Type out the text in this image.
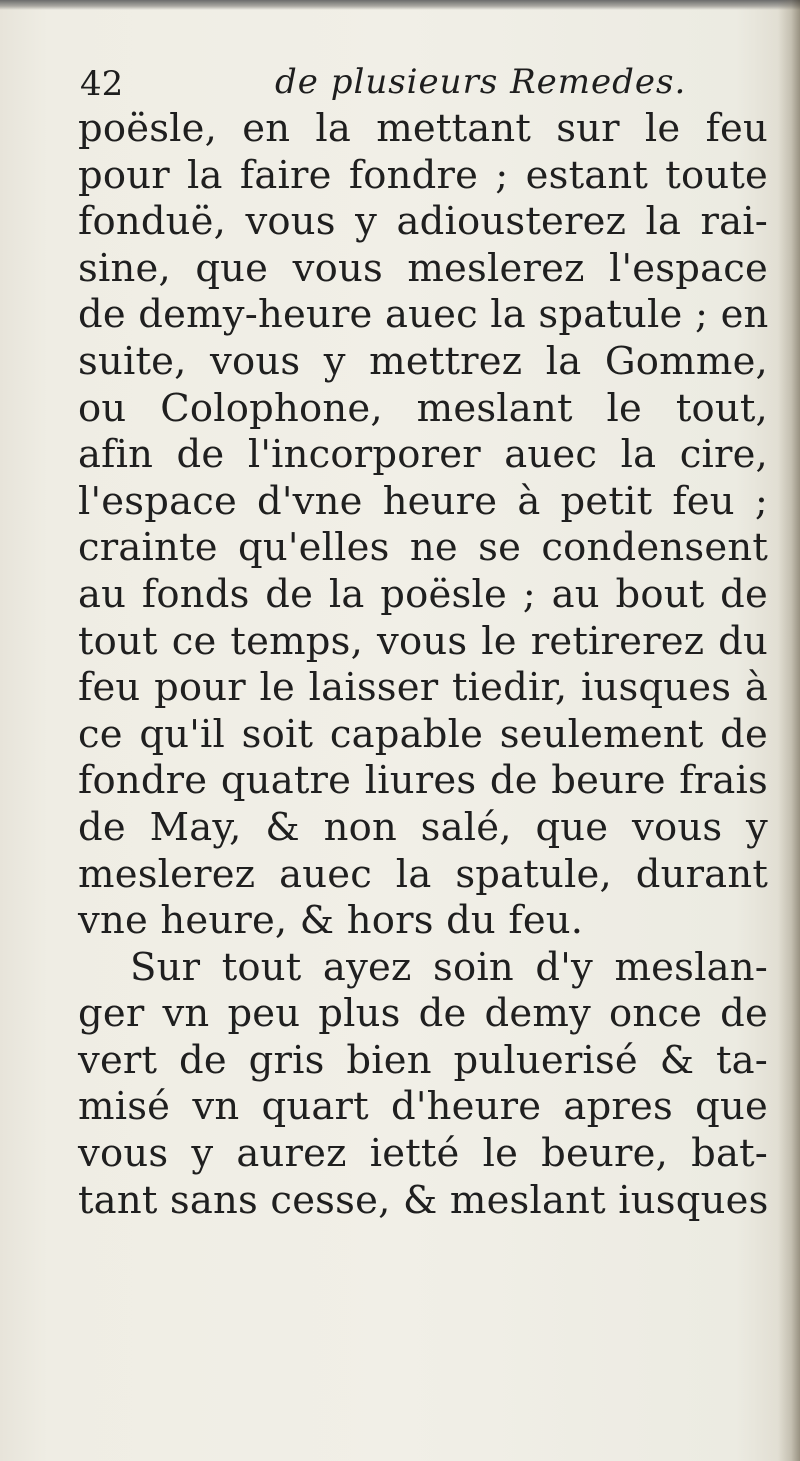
42	de plusieurs Remedes.
poësle, en la mettant sur le feu
pour la faire fondre ; estant toute
fonduë, vous y adiousterez la rai-
sine, que vous meslerez l'espace
de demy-heure auec la spatule ; en
suite, vous y mettrez la Gomme,
ou Colophone, meslant le tout,
afin de l'incorporer auec la cire,
l'espace d'vne heure à petit feu ;
crainte qu'elles ne se condensent
au fonds de la poësle ; au bout de
tout ce temps, vous le retirerez du
feu pour le laisser tiedir, iusques à
ce qu'il soit capable seulement de
fondre quatre liures de beure frais
de May, & non salé, que vous y
meslerez auec la spatule, durant
vne heure, & hors du feu.
Sur tout ayez soin d'y meslan-
ger vn peu plus de demy once de
vert de gris bien puluerisé & ta-
misé vn quart d'heure apres que
vous y aurez ietté le beure, bat-
tant sans cesse, & meslant iusques
